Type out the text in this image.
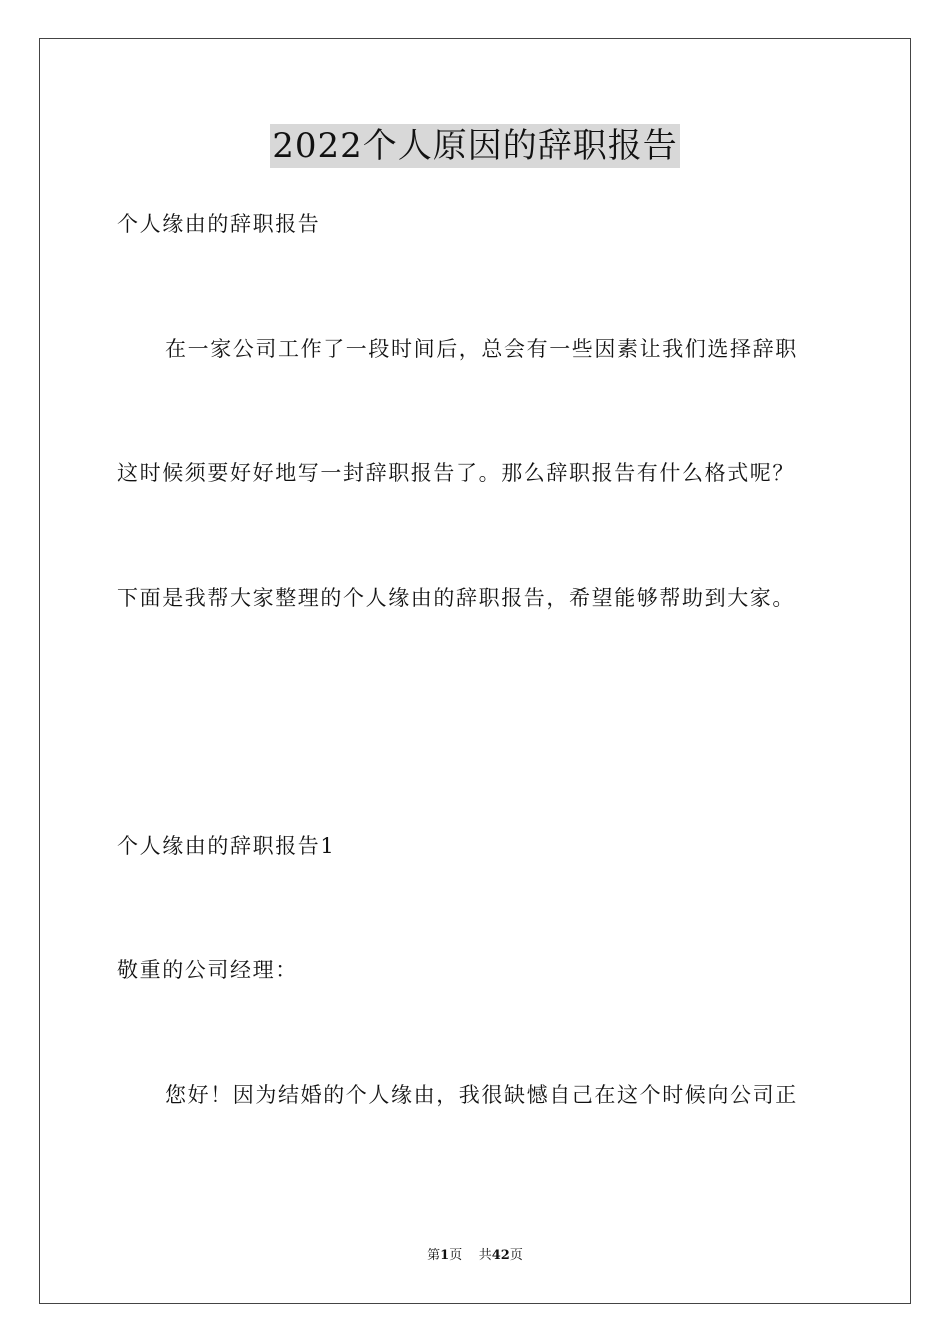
2022个人原因的辞职报告
个人缘由的辞职报告
在一家公司工作了一段时间后，总会有一些因素让我们选择辞职
这时候须要好好地写一封辞职报告了。那么辞职报告有什么格式呢？
下面是我帮大家整理的个人缘由的辞职报告，希望能够帮助到大家。
个人缘由的辞职报告1
敬重的公司经理：
您好！因为结婚的个人缘由，我很缺憾自己在这个时候向公司正
第1页 共42页
